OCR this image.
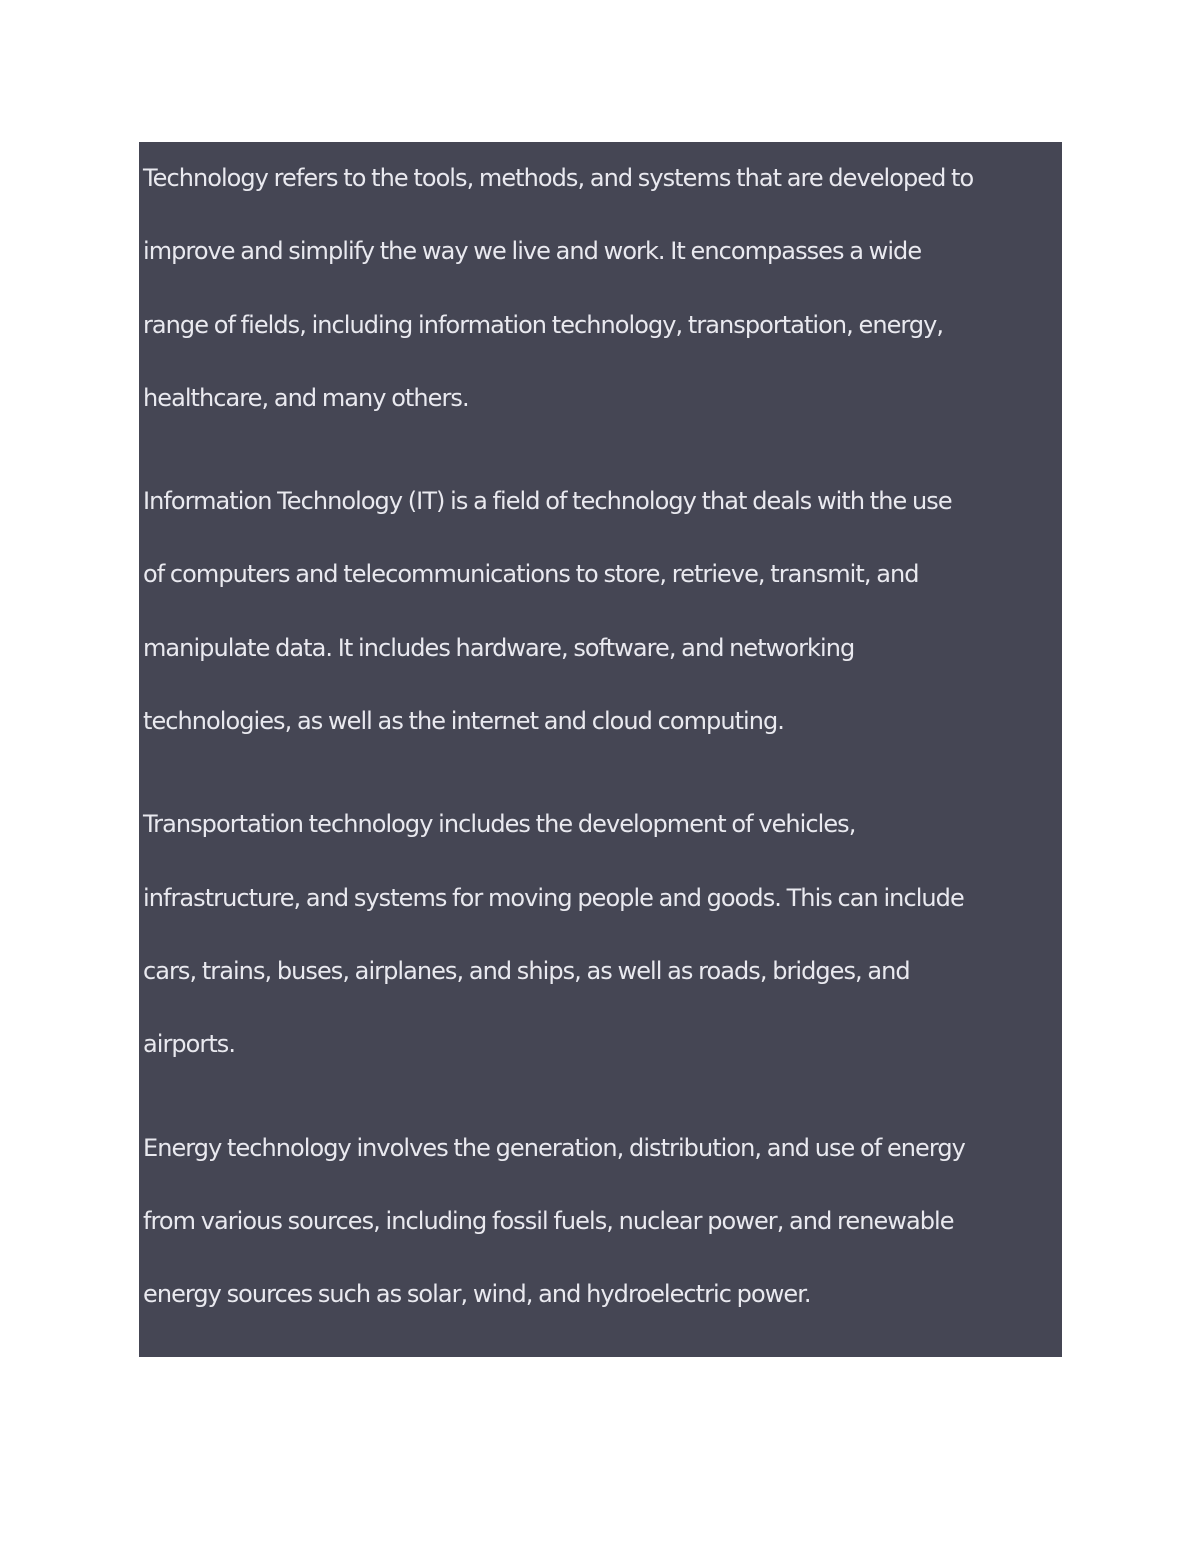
Technology refers to the tools, methods, and systems that are developed to
improve and simplify the way we live and work. It encompasses a wide
range of fields, including information technology, transportation, energy,
healthcare, and many others.
Information Technology (IT) is a field of technology that deals with the use
of computers and telecommunications to store, retrieve, transmit, and
manipulate data. It includes hardware, software, and networking
technologies, as well as the internet and cloud computing.
Transportation technology includes the development of vehicles,
infrastructure, and systems for moving people and goods. This can include
cars, trains, buses, airplanes, and ships, as well as roads, bridges, and
airports.
Energy technology involves the generation, distribution, and use of energy
from various sources, including fossil fuels, nuclear power, and renewable
energy sources such as solar, wind, and hydroelectric power.
